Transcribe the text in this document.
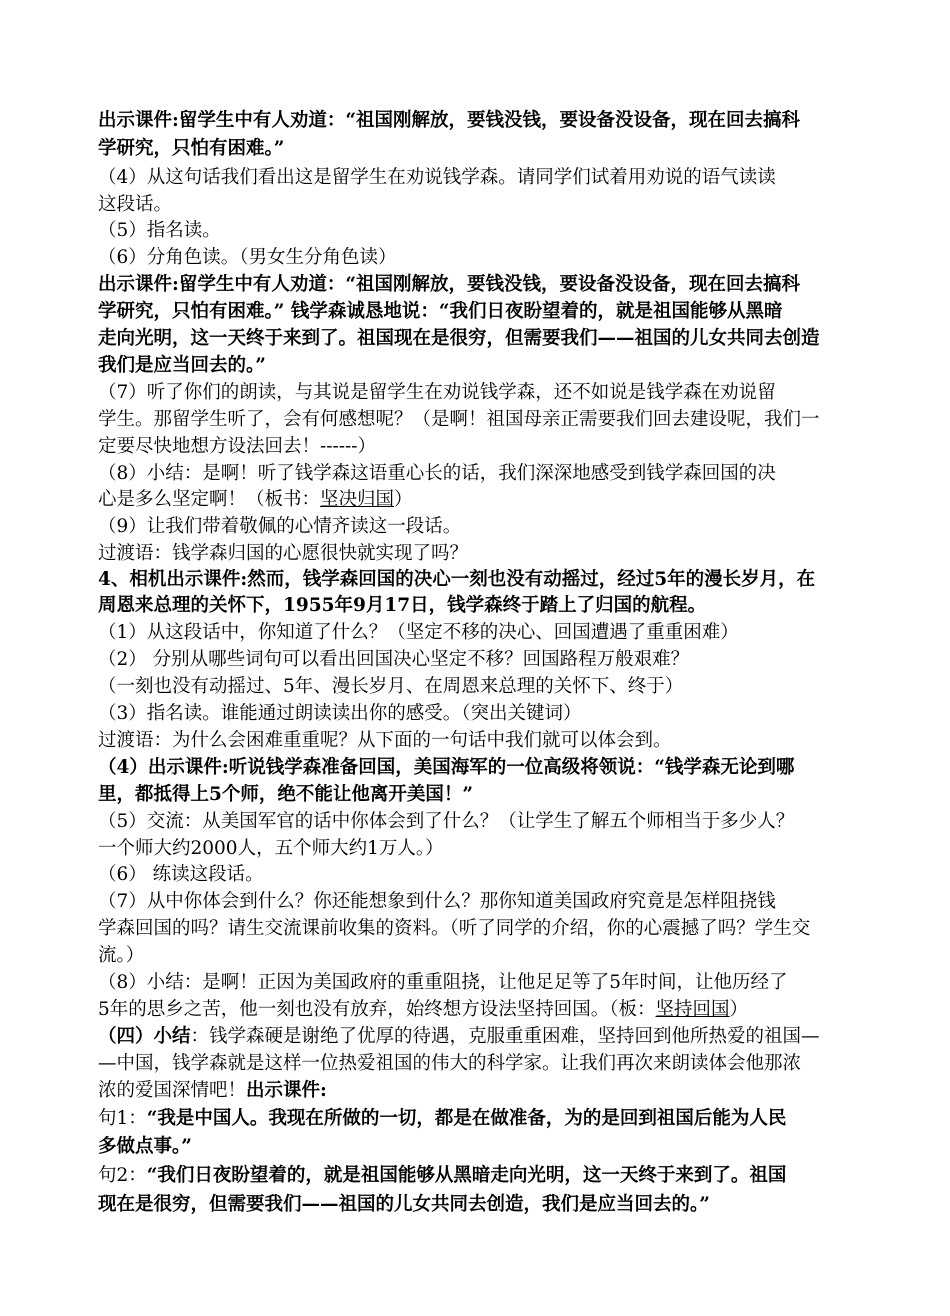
出示课件:留学生中有人劝道：“祖国刚解放，要钱没钱，要设备没设备，现在回去搞科
学研究，只怕有困难。”
（4）从这句话我们看出这是留学生在劝说钱学森。请同学们试着用劝说的语气读读
这段话。
（5）指名读。
（6）分角色读。（男女生分角色读）
出示课件:留学生中有人劝道：“祖国刚解放，要钱没钱，要设备没设备，现在回去搞科
学研究，只怕有困难。” 钱学森诚恳地说：“我们日夜盼望着的，就是祖国能够从黑暗
走向光明，这一天终于来到了。祖国现在是很穷，但需要我们——祖国的儿女共同去创造
我们是应当回去的。”
（7）听了你们的朗读，与其说是留学生在劝说钱学森，还不如说是钱学森在劝说留
学生。那留学生听了，会有何感想呢？（是啊！祖国母亲正需要我们回去建设呢，我们一
定要尽快地想方设法回去！------）
（8）小结：是啊！听了钱学森这语重心长的话，我们深深地感受到钱学森回国的决
心是多么坚定啊！（板书：坚决归国）
（9）让我们带着敬佩的心情齐读这一段话。
过渡语：钱学森归国的心愿很快就实现了吗？
4、相机出示课件:然而，钱学森回国的决心一刻也没有动摇过，经过5年的漫长岁月，在
周恩来总理的关怀下，1955年9月17日，钱学森终于踏上了归国的航程。
（1）从这段话中，你知道了什么？（坚定不移的决心、回国遭遇了重重困难）
（2） 分别从哪些词句可以看出回国决心坚定不移？回国路程万般艰难？
（一刻也没有动摇过、5年、漫长岁月、在周恩来总理的关怀下、终于）
（3）指名读。谁能通过朗读读出你的感受。（突出关键词）
过渡语：为什么会困难重重呢？从下面的一句话中我们就可以体会到。
（4）出示课件:听说钱学森准备回国，美国海军的一位高级将领说：“钱学森无论到哪
里，都抵得上5个师，绝不能让他离开美国！”
（5）交流：从美国军官的话中你体会到了什么？（让学生了解五个师相当于多少人？
一个师大约2000人，五个师大约1万人。）
（6） 练读这段话。
（7）从中你体会到什么？你还能想象到什么？那你知道美国政府究竟是怎样阻挠钱
学森回国的吗？请生交流课前收集的资料。（听了同学的介绍，你的心震撼了吗？学生交
流。）
（8）小结：是啊！正因为美国政府的重重阻挠，让他足足等了5年时间，让他历经了
5年的思乡之苦，他一刻也没有放弃，始终想方设法坚持回国。（板：坚持回国）
（四）小结：钱学森硬是谢绝了优厚的待遇，克服重重困难，坚持回到他所热爱的祖国—
—中国，钱学森就是这样一位热爱祖国的伟大的科学家。让我们再次来朗读体会他那浓
浓的爱国深情吧！出示课件:
句1：“我是中国人。我现在所做的一切，都是在做准备，为的是回到祖国后能为人民
多做点事。”
句2：“我们日夜盼望着的，就是祖国能够从黑暗走向光明，这一天终于来到了。祖国
现在是很穷，但需要我们——祖国的儿女共同去创造，我们是应当回去的。”
